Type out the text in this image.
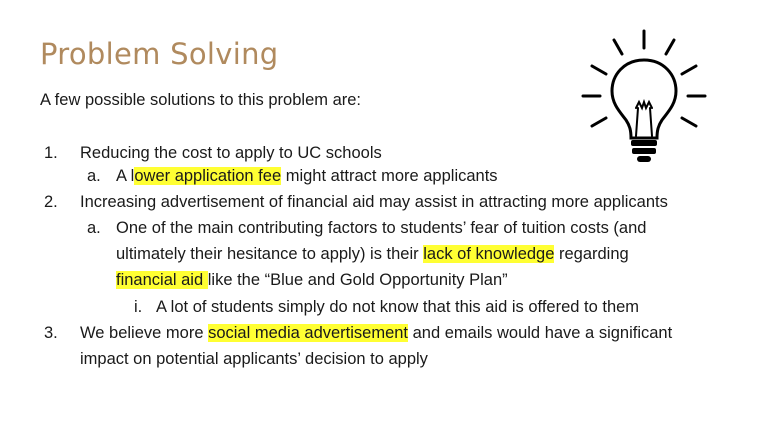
Problem Solving
A few possible solutions to this problem are:
1. Reducing the cost to apply to UC schools
a. A lower application fee might attract more applicants
2. Increasing advertisement of financial aid may assist in attracting more applicants
a. One of the main contributing factors to students’ fear of tuition costs (and
ultimately their hesitance to apply) is their lack of knowledge regarding
financial aid like the “Blue and Gold Opportunity Plan”
i. A lot of students simply do not know that this aid is offered to them
3. We believe more social media advertisement and emails would have a significant
impact on potential applicants’ decision to apply
